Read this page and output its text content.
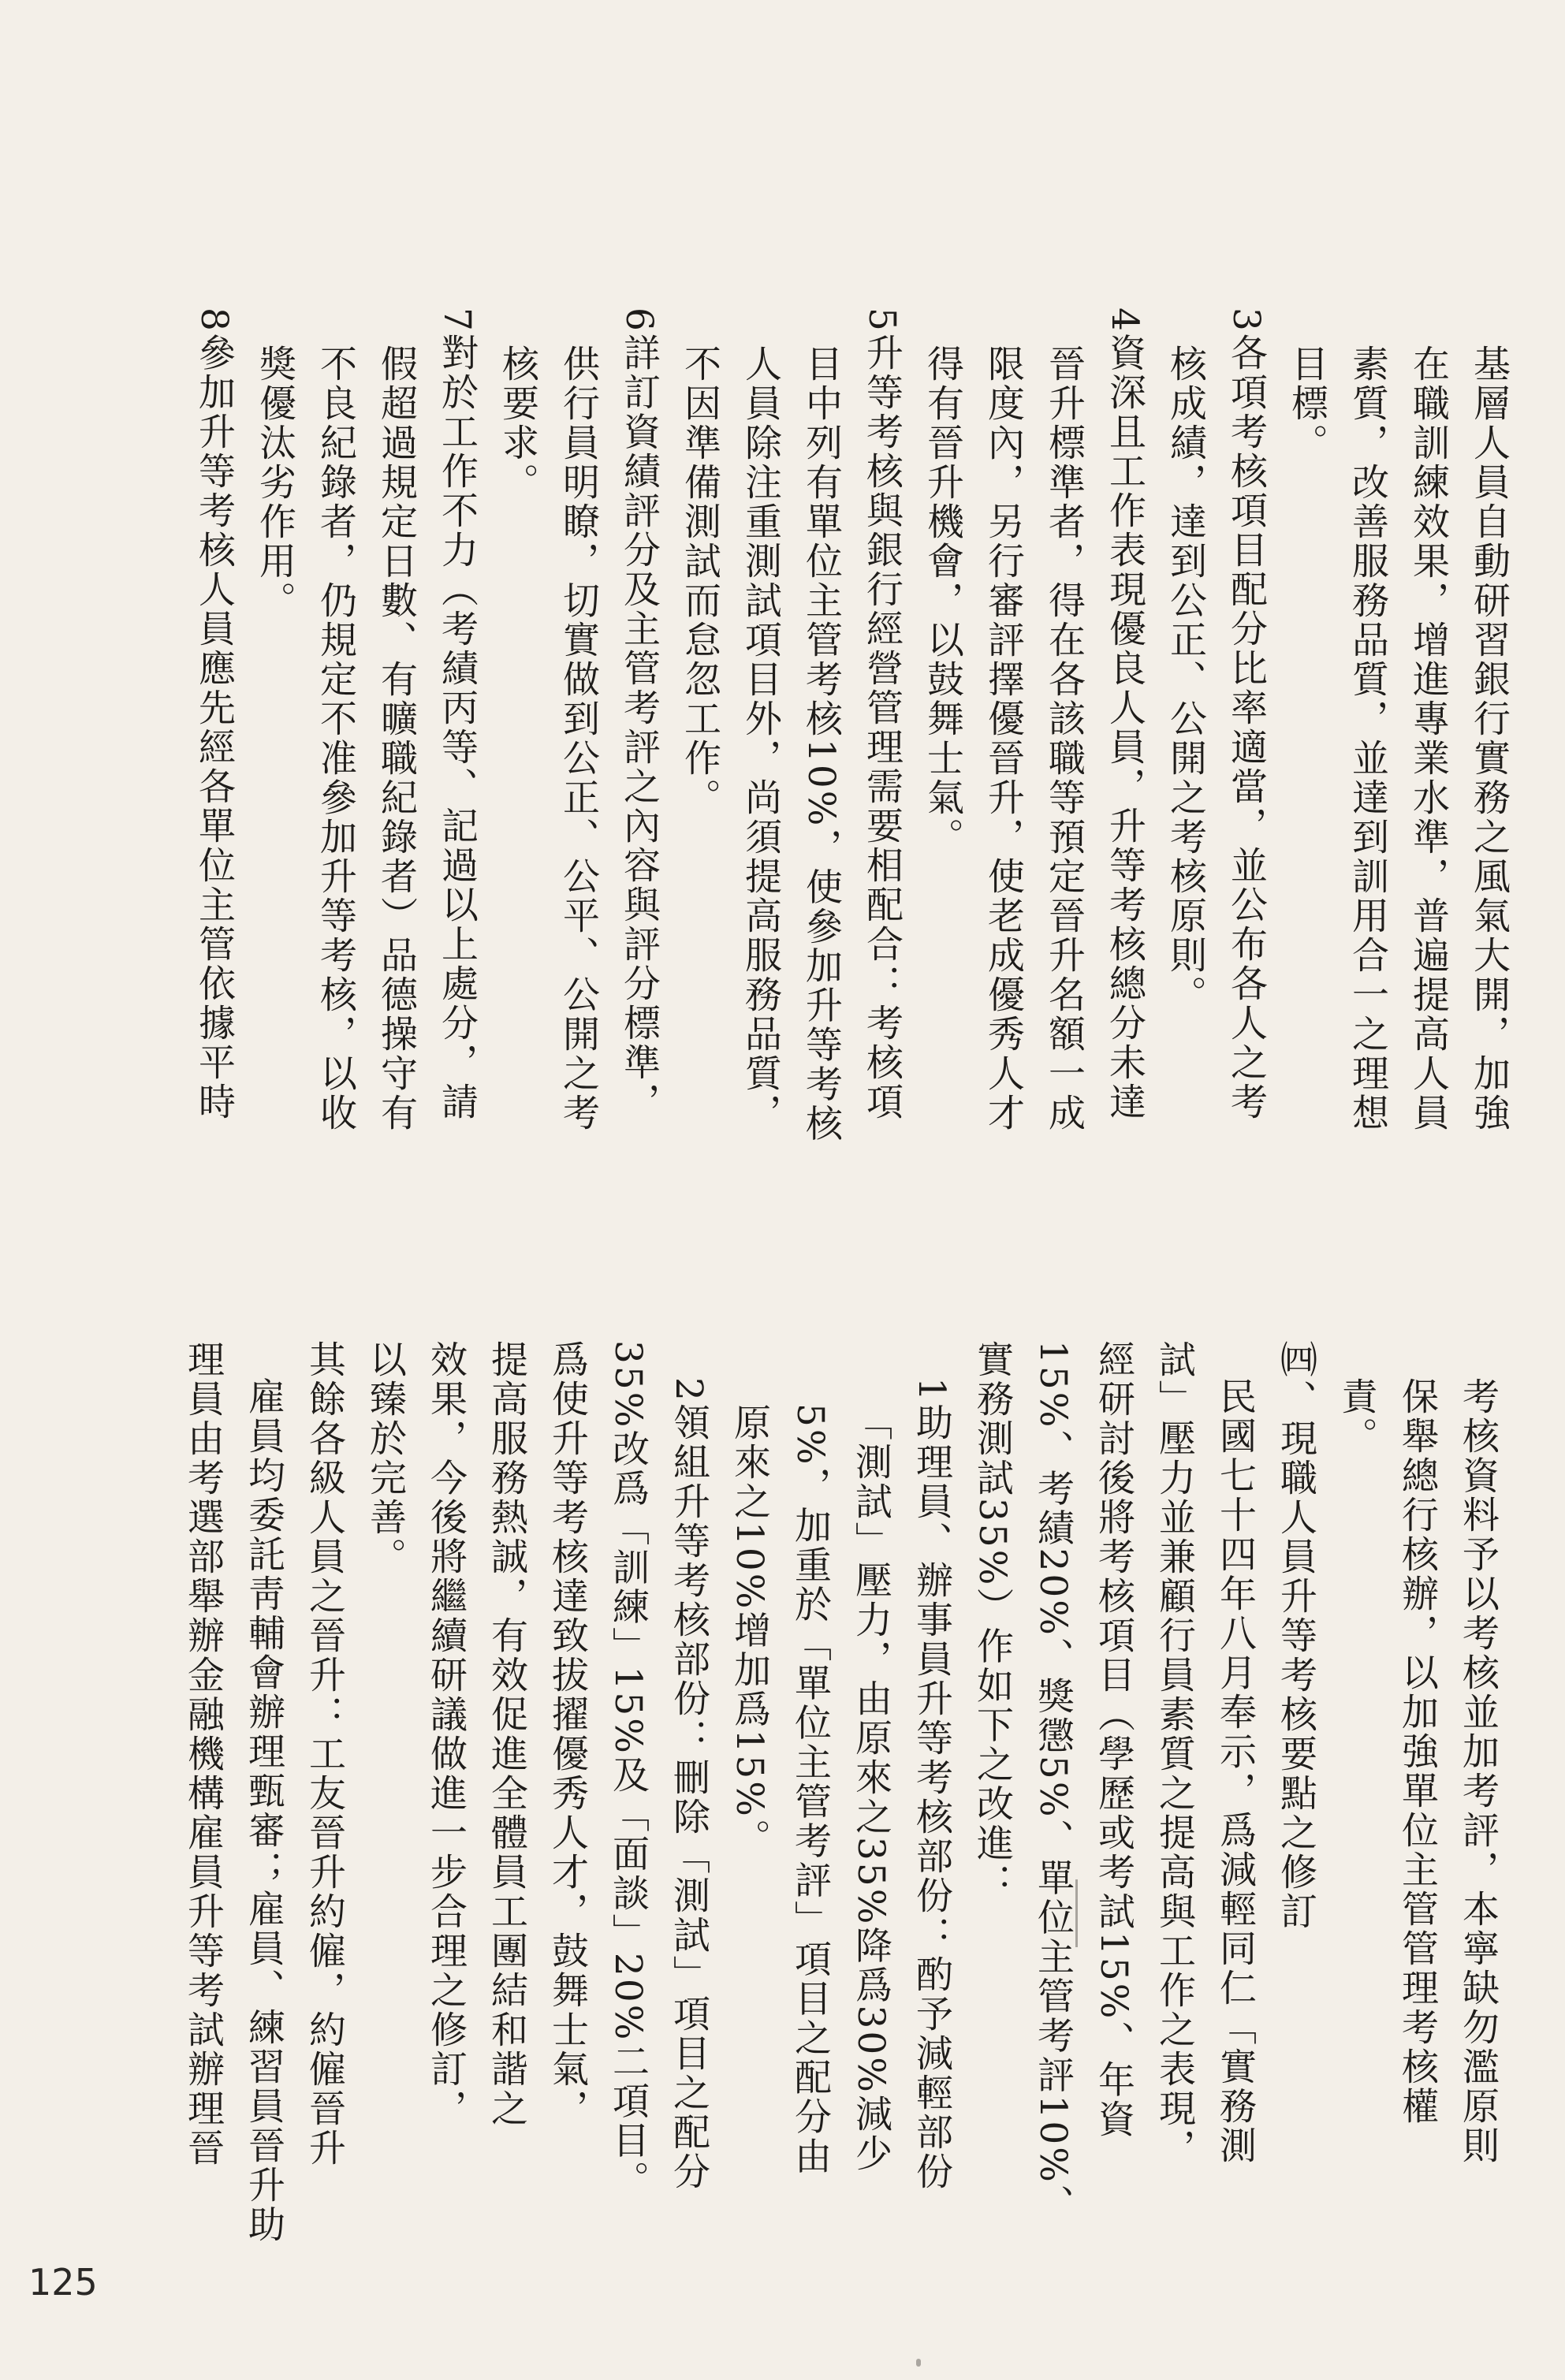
基層人員自動研習銀行實務之風氣大開，加強
在職訓練效果，增進專業水準，普遍提高人員
素質，改善服務品質，並達到訓用合一之理想
目標。
3各項考核項目配分比率適當，並公布各人之考
核成績，達到公正、公開之考核原則。
4資深且工作表現優良人員，升等考核總分未達
晉升標準者，得在各該職等預定晉升名額一成
限度內，另行審評擇優晉升，使老成優秀人才
得有晉升機會，以鼓舞士氣。
5升等考核與銀行經營管理需要相配合：考核項
目中列有單位主管考核10%，使參加升等考核
人員除注重測試項目外，尚須提高服務品質，
不因準備測試而怠忽工作。
6詳訂資績評分及主管考評之內容與評分標準，
供行員明瞭，切實做到公正、公平、公開之考
核要求。
7對於工作不力（考績丙等、記過以上處分，請
假超過規定日數、有曠職紀錄者）品德操守有
不良紀錄者，仍規定不准參加升等考核，以收
獎優汰劣作用。
8參加升等考核人員應先經各單位主管依據平時
考核資料予以考核並加考評，本寧缺勿濫原則
保舉總行核辦，以加強單位主管管理考核權
責。
㈣、現職人員升等考核要點之修訂
民國七十四年八月奉示，爲減輕同仁「實務測
試」壓力並兼顧行員素質之提高與工作之表現，
經研討後將考核項目（學歷或考試15%、年資
15%、考績20%、獎懲5%、單位主管考評10%、
實務測試35%）作如下之改進：
1助理員、辦事員升等考核部份：酌予減輕部份
「測試」壓力，由原來之35%降爲30%減少
5%，加重於「單位主管考評」項目之配分由
原來之10%增加爲15%。
2領組升等考核部份：刪除「測試」項目之配分
35%改爲「訓練」15%及「面談」20%二項目。
爲使升等考核達致拔擢優秀人才，鼓舞士氣，
提高服務熱誠，有效促進全體員工團結和諧之
效果，今後將繼續研議做進一步合理之修訂，
以臻於完善。
其餘各級人員之晉升：工友晉升約僱，約僱晉升
雇員均委託靑輔會辦理甄審；雇員、練習員晉升助
理員由考選部舉辦金融機構雇員升等考試辦理晉
125
